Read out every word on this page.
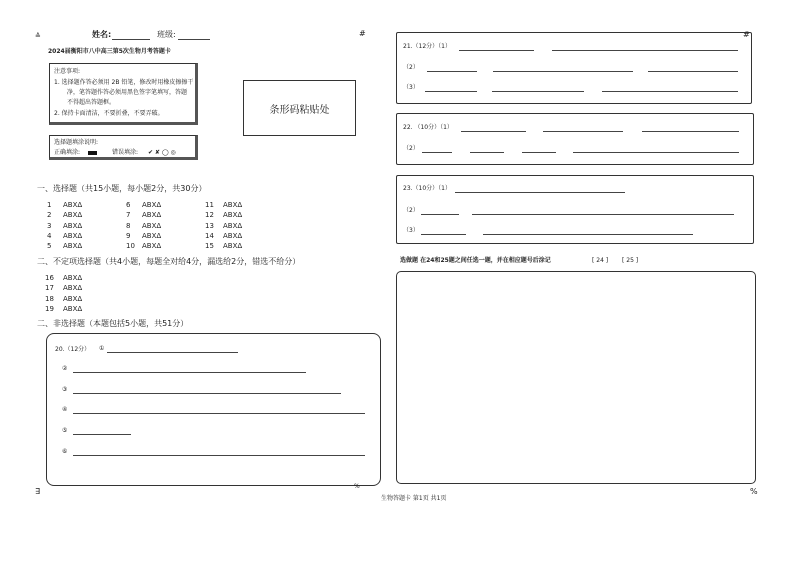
≙	姓名:	班级:	#	#
2024届衡阳市八中高三第5次生物月考答题卡
注意事项:
1. 选择题作答必须用 2B 铅笔，修改时用橡皮擦擦干
净，笔答题作答必须用黑色签字笔填写，答题
不得超出答题框。
2. 保持卡面清洁，不要折叠，不要弄破。	条形码粘贴处
选择题填涂说明:
正确填涂:	错误填涂: ✔ ✘ ◯ ◎
一、选择题（共15小题，每小题2分，共30分）
1 ABXΔ
2 ABXΔ
3 ABXΔ
4 ABXΔ
5 ABXΔ
6 ABXΔ
7 ABXΔ
8 ABXΔ
9 ABXΔ
10 ABXΔ
11 ABXΔ
12 ABXΔ
13 ABXΔ
14 ABXΔ
15 ABXΔ
二、不定项选择题（共4小题，每题全对给4分，漏选给2分，错选不给分）
16 ABXΔ
17 ABXΔ
18 ABXΔ
19 ABXΔ
二、非选择题（本题包括5小题，共51分）
20.（12分） ①
②
③
④
⑤
⑥
21.（12分）（1）
（2）
（3）
22. （10分）（1）
（2）
23.（10分）（1）
（2）
（3）
选做题 在24和25题之间任选一题，并在相应题号后涂记	[ 24 ] [ 25 ]
∃
%
%
生物答题卡 第1页 共1页
